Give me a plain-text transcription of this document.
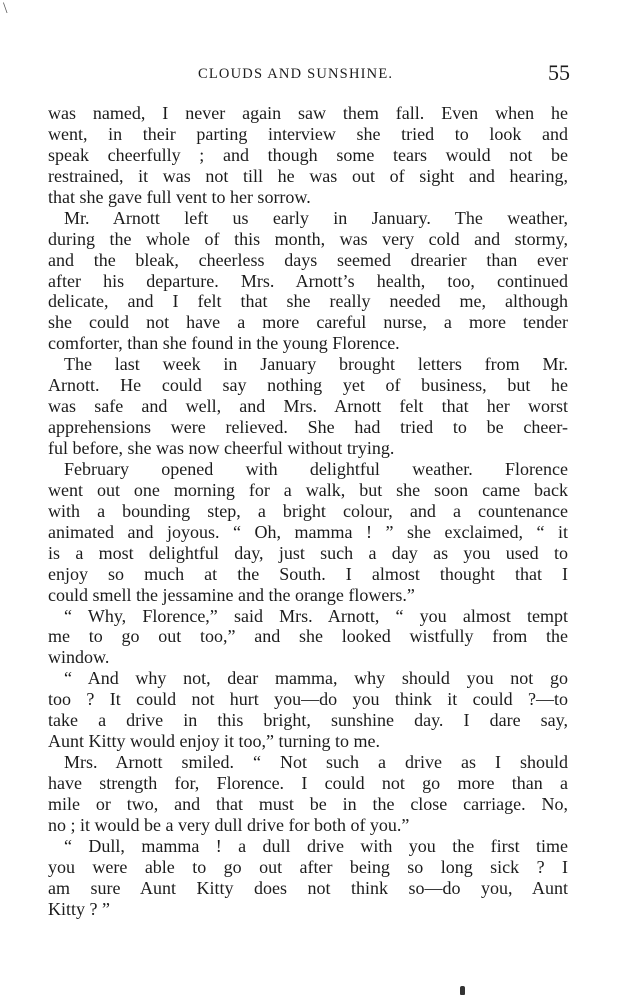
\
CLOUDS AND SUNSHINE.	55
was named, I never again saw them fall. Even when he
went, in their parting interview she tried to look and
speak cheerfully ; and though some tears would not be
restrained, it was not till he was out of sight and hearing,
that she gave full vent to her sorrow.
Mr. Arnott left us early in January. The weather,
during the whole of this month, was very cold and stormy,
and the bleak, cheerless days seemed drearier than ever
after his departure. Mrs. Arnott’s health, too, continued
delicate, and I felt that she really needed me, although
she could not have a more careful nurse, a more tender
comforter, than she found in the young Florence.
The last week in January brought letters from Mr.
Arnott. He could say nothing yet of business, but he
was safe and well, and Mrs. Arnott felt that her worst
apprehensions were relieved. She had tried to be cheer-
ful before, she was now cheerful without trying.
February opened with delightful weather. Florence
went out one morning for a walk, but she soon came back
with a bounding step, a bright colour, and a countenance
animated and joyous. “ Oh, mamma ! ” she exclaimed, “ it
is a most delightful day, just such a day as you used to
enjoy so much at the South. I almost thought that I
could smell the jessamine and the orange flowers.”
“ Why, Florence,” said Mrs. Arnott, “ you almost tempt
me to go out too,” and she looked wistfully from the
window.
“ And why not, dear mamma, why should you not go
too ? It could not hurt you—do you think it could ?—to
take a drive in this bright, sunshine day. I dare say,
Aunt Kitty would enjoy it too,” turning to me.
Mrs. Arnott smiled. “ Not such a drive as I should
have strength for, Florence. I could not go more than a
mile or two, and that must be in the close carriage. No,
no ; it would be a very dull drive for both of you.”
“ Dull, mamma ! a dull drive with you the first time
you were able to go out after being so long sick ? I
am sure Aunt Kitty does not think so—do you, Aunt
Kitty ? ”
